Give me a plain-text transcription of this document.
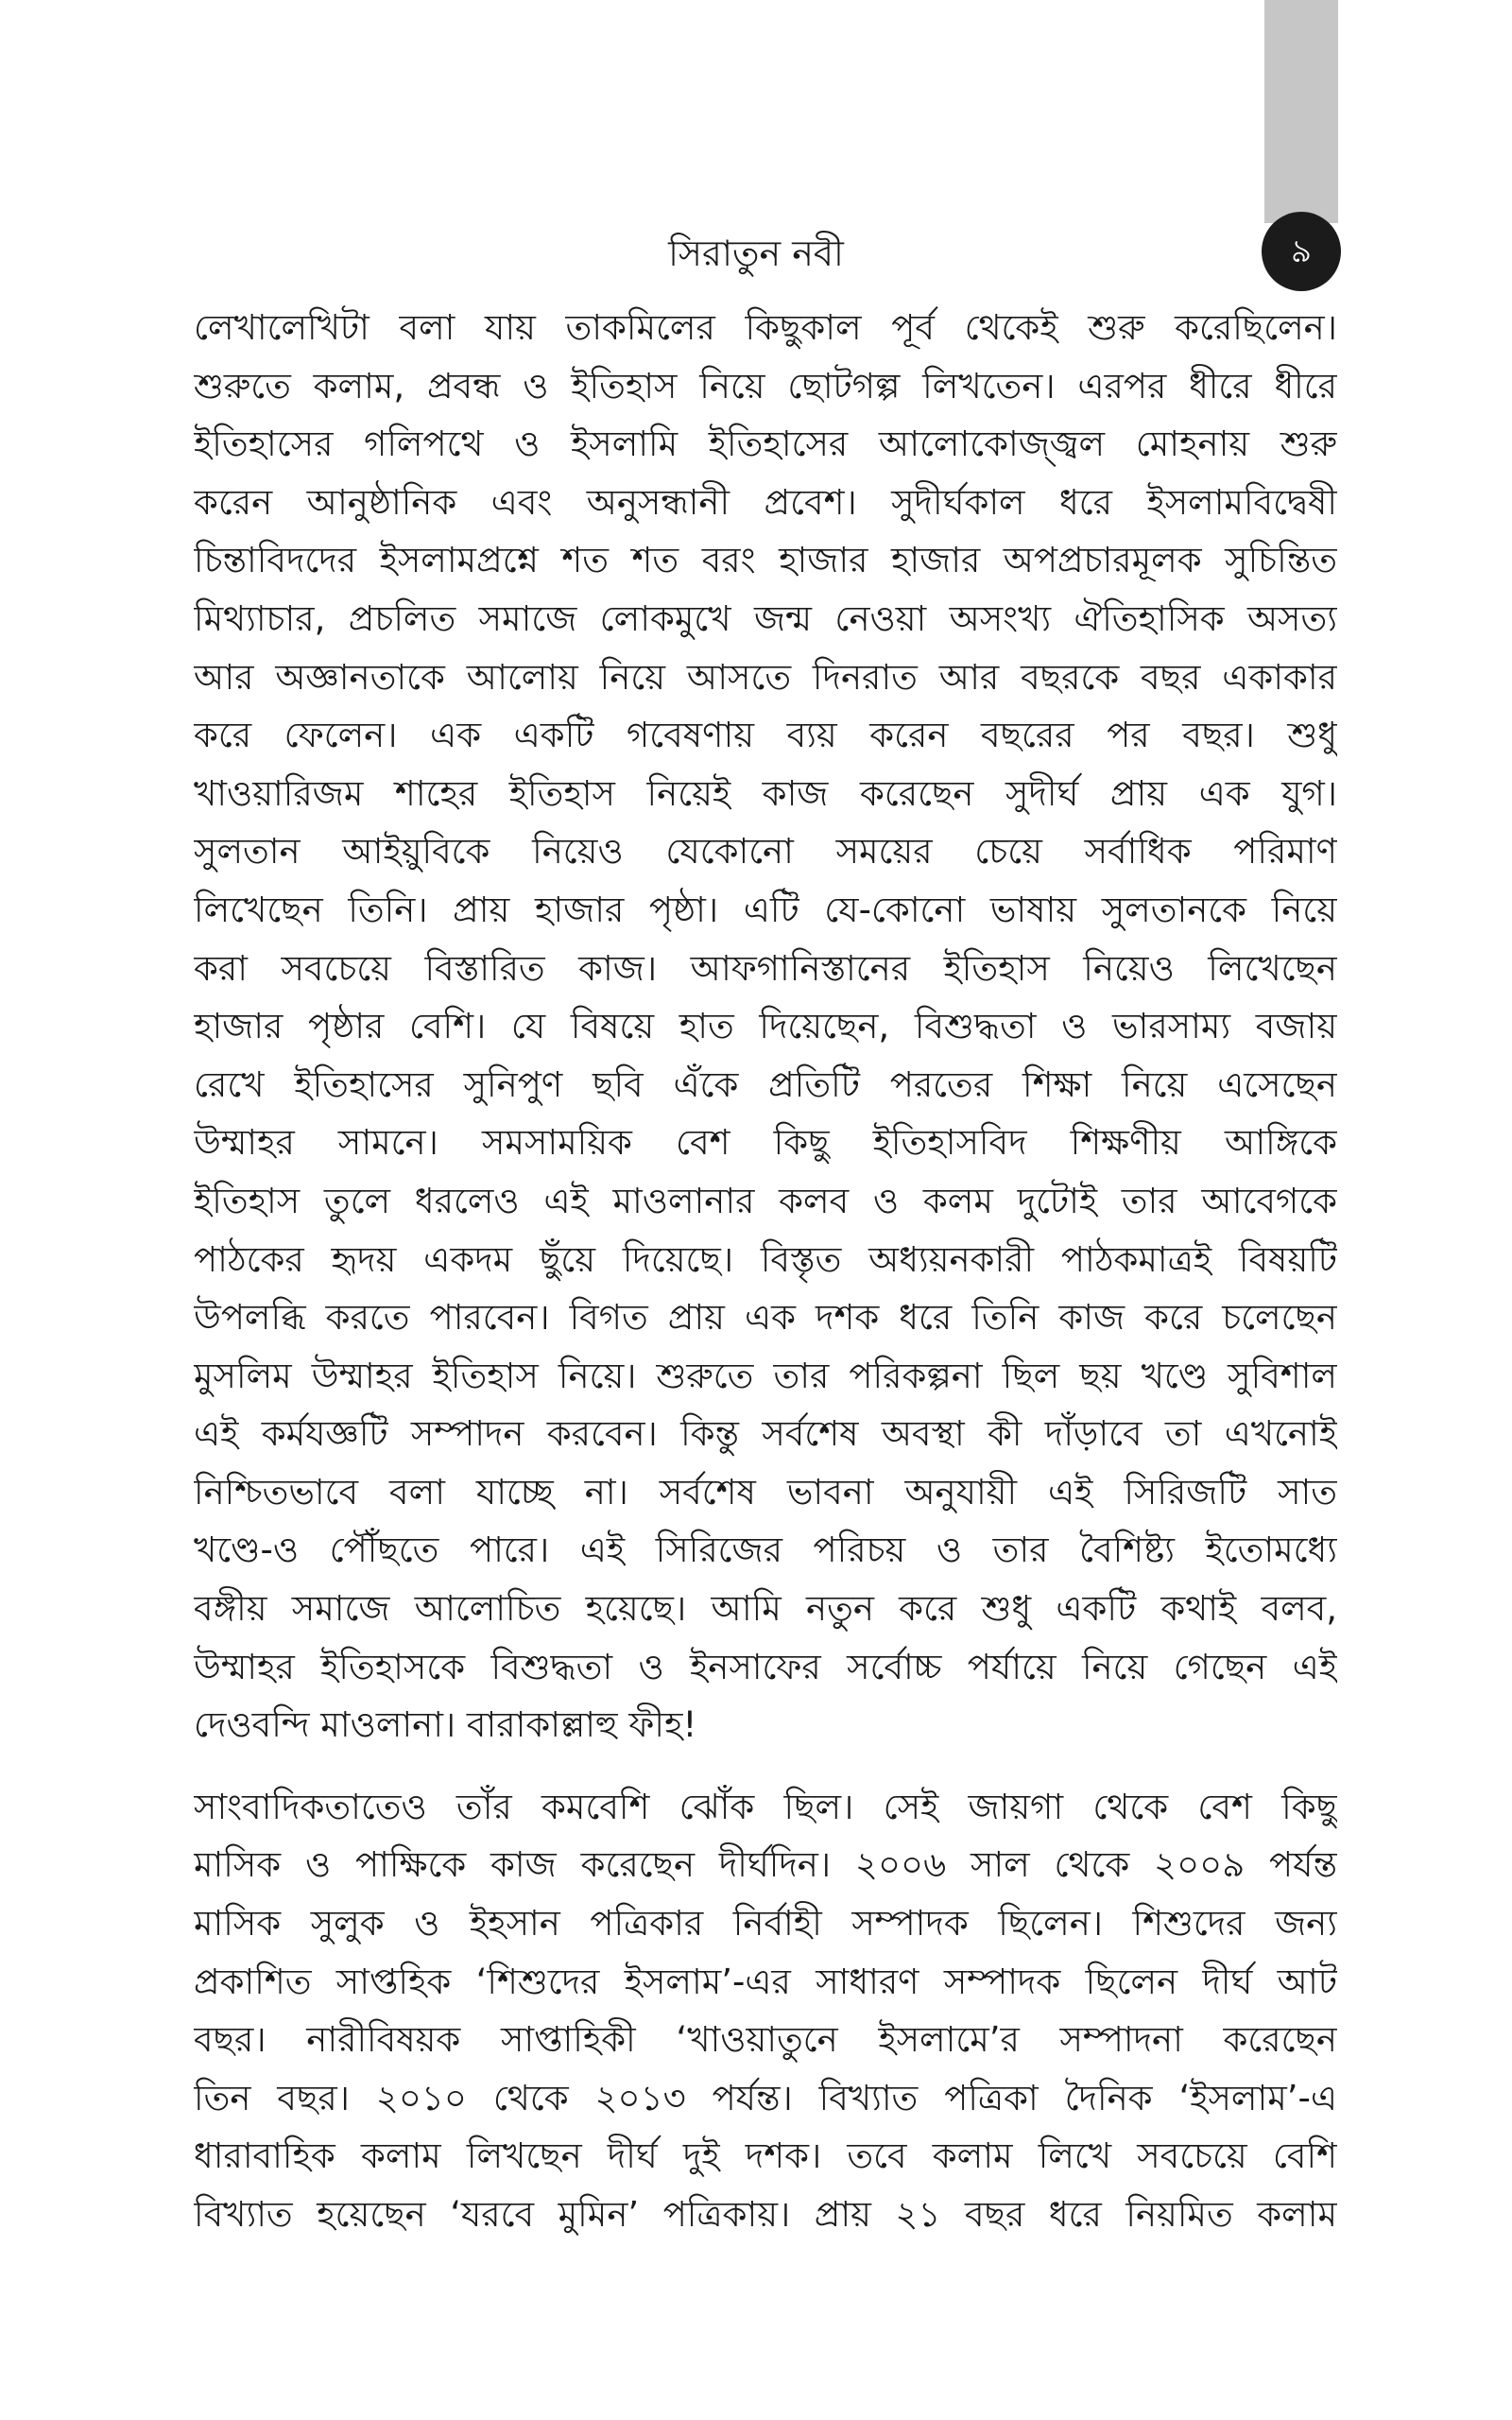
৯
সিরাতুন নবী

লেখালেখিটা বলা যায় তাকমিলের কিছুকাল পূর্ব থেকেই শুরু করেছিলেন।
শুরুতে কলাম, প্রবন্ধ ও ইতিহাস নিয়ে ছোটগল্প লিখতেন। এরপর ধীরে ধীরে
ইতিহাসের গলিপথে ও ইসলামি ইতিহাসের আলোকোজ্জ্বল মোহনায় শুরু
করেন আনুষ্ঠানিক এবং অনুসন্ধানী প্রবেশ। সুদীর্ঘকাল ধরে ইসলামবিদ্বেষী
চিন্তাবিদদের ইসলামপ্রশ্নে শত শত বরং হাজার হাজার অপপ্রচারমূলক সুচিন্তিত
মিথ্যাচার, প্রচলিত সমাজে লোকমুখে জন্ম নেওয়া অসংখ্য ঐতিহাসিক অসত্য
আর অজ্ঞানতাকে আলোয় নিয়ে আসতে দিনরাত আর বছরকে বছর একাকার
করে ফেলেন। এক একটি গবেষণায় ব্যয় করেন বছরের পর বছর। শুধু
খাওয়ারিজম শাহের ইতিহাস নিয়েই কাজ করেছেন সুদীর্ঘ প্রায় এক যুগ।
সুলতান আইয়ুবিকে নিয়েও যেকোনো সময়ের চেয়ে সর্বাধিক পরিমাণ
লিখেছেন তিনি। প্রায় হাজার পৃষ্ঠা। এটি যে-কোনো ভাষায় সুলতানকে নিয়ে
করা সবচেয়ে বিস্তারিত কাজ। আফগানিস্তানের ইতিহাস নিয়েও লিখেছেন
হাজার পৃষ্ঠার বেশি। যে বিষয়ে হাত দিয়েছেন, বিশুদ্ধতা ও ভারসাম্য বজায়
রেখে ইতিহাসের সুনিপুণ ছবি এঁকে প্রতিটি পরতের শিক্ষা নিয়ে এসেছেন
উম্মাহর সামনে। সমসাময়িক বেশ কিছু ইতিহাসবিদ শিক্ষণীয় আঙ্গিকে
ইতিহাস তুলে ধরলেও এই মাওলানার কলব ও কলম দুটোই তার আবেগকে
পাঠকের হৃদয় একদম ছুঁয়ে দিয়েছে। বিস্তৃত অধ্যয়নকারী পাঠকমাত্রই বিষয়টি
উপলব্ধি করতে পারবেন। বিগত প্রায় এক দশক ধরে তিনি কাজ করে চলেছেন
মুসলিম উম্মাহর ইতিহাস নিয়ে। শুরুতে তার পরিকল্পনা ছিল ছয় খণ্ডে সুবিশাল
এই কর্মযজ্ঞটি সম্পাদন করবেন। কিন্তু সর্বশেষ অবস্থা কী দাঁড়াবে তা এখনোই
নিশ্চিতভাবে বলা যাচ্ছে না। সর্বশেষ ভাবনা অনুযায়ী এই সিরিজটি সাত
খণ্ডে-ও পৌঁছতে পারে। এই সিরিজের পরিচয় ও তার বৈশিষ্ট্য ইতোমধ্যে
বঙ্গীয় সমাজে আলোচিত হয়েছে। আমি নতুন করে শুধু একটি কথাই বলব,
উম্মাহর ইতিহাসকে বিশুদ্ধতা ও ইনসাফের সর্বোচ্চ পর্যায়ে নিয়ে গেছেন এই
দেওবন্দি মাওলানা। বারাকাল্লাহু ফীহ!

সাংবাদিকতাতেও তাঁর কমবেশি ঝোঁক ছিল। সেই জায়গা থেকে বেশ কিছু
মাসিক ও পাক্ষিকে কাজ করেছেন দীর্ঘদিন। ২০০৬ সাল থেকে ২০০৯ পর্যন্ত
মাসিক সুলুক ও ইহসান পত্রিকার নির্বাহী সম্পাদক ছিলেন। শিশুদের জন্য
প্রকাশিত সাপ্তহিক ‘শিশুদের ইসলাম’-এর সাধারণ সম্পাদক ছিলেন দীর্ঘ আট
বছর। নারীবিষয়ক সাপ্তাহিকী ‘খাওয়াতুনে ইসলামে’র সম্পাদনা করেছেন
তিন বছর। ২০১০ থেকে ২০১৩ পর্যন্ত। বিখ্যাত পত্রিকা দৈনিক ‘ইসলাম’-এ
ধারাবাহিক কলাম লিখছেন দীর্ঘ দুই দশক। তবে কলাম লিখে সবচেয়ে বেশি
বিখ্যাত হয়েছেন ‘যরবে মুমিন’ পত্রিকায়। প্রায় ২১ বছর ধরে নিয়মিত কলাম
